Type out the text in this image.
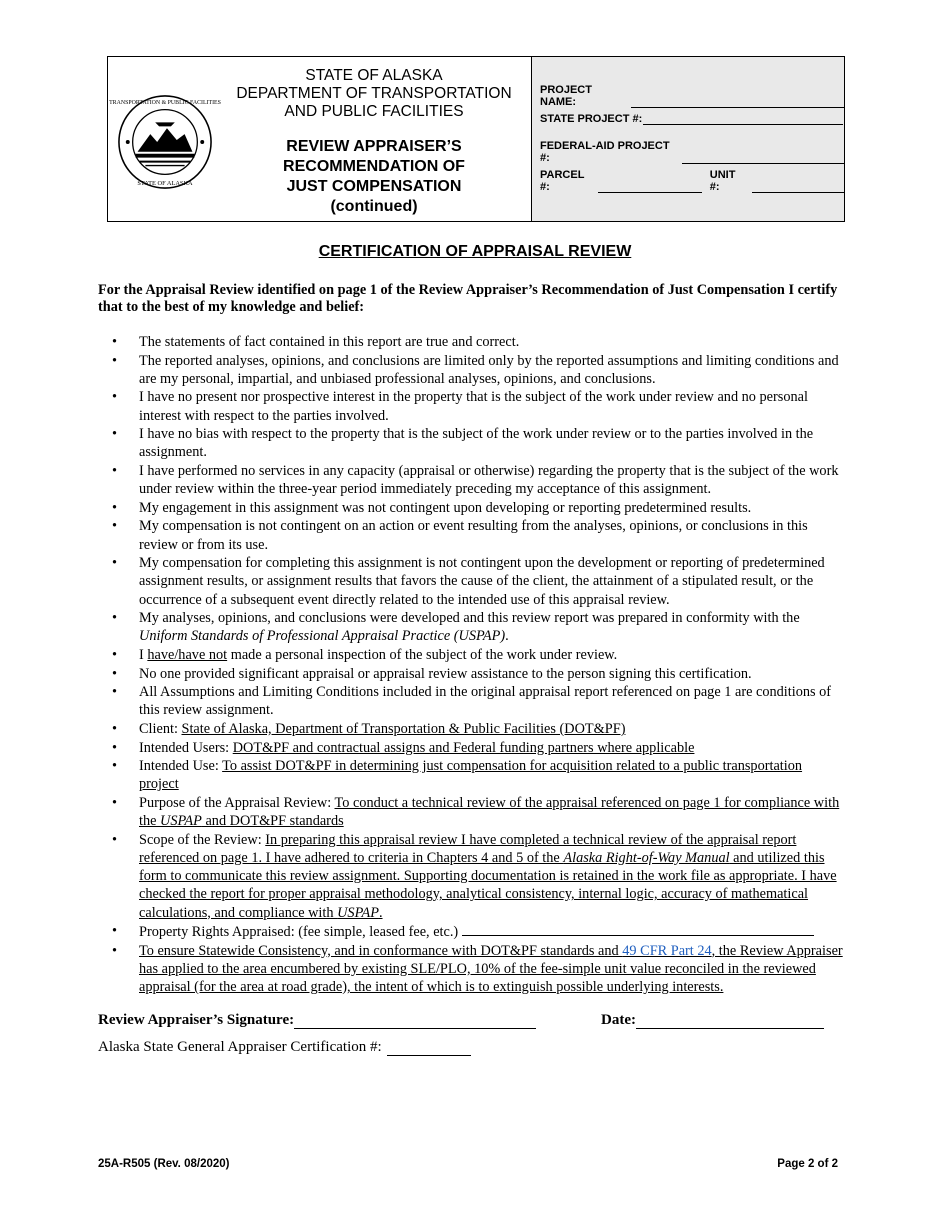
TRANSPORTATION & PUBLIC FACILITIES
STATE OF ALASKA
STATE OF ALASKA
DEPARTMENT OF TRANSPORTATION
AND PUBLIC FACILITIES
REVIEW APPRAISER’S
RECOMMENDATION OF
JUST COMPENSATION
(continued)
PROJECT NAME:
STATE PROJECT #:
FEDERAL-AID PROJECT #:
PARCEL #:
UNIT #:
CERTIFICATION OF APPRAISAL REVIEW
For the Appraisal Review identified on page 1 of the Review Appraiser’s Recommendation of Just Compensation I certify that to the best of my knowledge and belief:
• The statements of fact contained in this report are true and correct.
• The reported analyses, opinions, and conclusions are limited only by the reported assumptions and limiting conditions and are my personal, impartial, and unbiased professional analyses, opinions, and conclusions.
• I have no present nor prospective interest in the property that is the subject of the work under review and no personal interest with respect to the parties involved.
• I have no bias with respect to the property that is the subject of the work under review or to the parties involved in the assignment.
• I have performed no services in any capacity (appraisal or otherwise) regarding the property that is the subject of the work under review within the three-year period immediately preceding my acceptance of this assignment.
• My engagement in this assignment was not contingent upon developing or reporting predetermined results.
• My compensation is not contingent on an action or event resulting from the analyses, opinions, or conclusions in this review or from its use.
• My compensation for completing this assignment is not contingent upon the development or reporting of predetermined assignment results, or assignment results that favors the cause of the client, the attainment of a stipulated result, or the occurrence of a subsequent event directly related to the intended use of this appraisal review.
• My analyses, opinions, and conclusions were developed and this review report was prepared in conformity with the Uniform Standards of Professional Appraisal Practice (USPAP).
• I have/have not made a personal inspection of the subject of the work under review.
• No one provided significant appraisal or appraisal review assistance to the person signing this certification.
• All Assumptions and Limiting Conditions included in the original appraisal report referenced on page 1 are conditions of this review assignment.
• Client: State of Alaska, Department of Transportation & Public Facilities (DOT&PF)
• Intended Users: DOT&PF and contractual assigns and Federal funding partners where applicable
• Intended Use: To assist DOT&PF in determining just compensation for acquisition related to a public transportation project
• Purpose of the Appraisal Review: To conduct a technical review of the appraisal referenced on page 1 for compliance with the USPAP and DOT&PF standards
• Scope of the Review: In preparing this appraisal review I have completed a technical review of the appraisal report referenced on page 1. I have adhered to criteria in Chapters 4 and 5 of the Alaska Right-of-Way Manual and utilized this form to communicate this review assignment. Supporting documentation is retained in the work file as appropriate. I have checked the report for proper appraisal methodology, analytical consistency, internal logic, accuracy of mathematical calculations, and compliance with USPAP.
• Property Rights Appraised: (fee simple, leased fee, etc.)
• To ensure Statewide Consistency, and in conformance with DOT&PF standards and 49 CFR Part 24, the Review Appraiser has applied to the area encumbered by existing SLE/PLO, 10% of the fee-simple unit value reconciled in the reviewed appraisal (for the area at road grade), the intent of which is to extinguish possible underlying interests.
Review Appraiser’s Signature:	Date:
Alaska State General Appraiser Certification #:
25A-R505 (Rev. 08/2020)	Page 2 of 2
